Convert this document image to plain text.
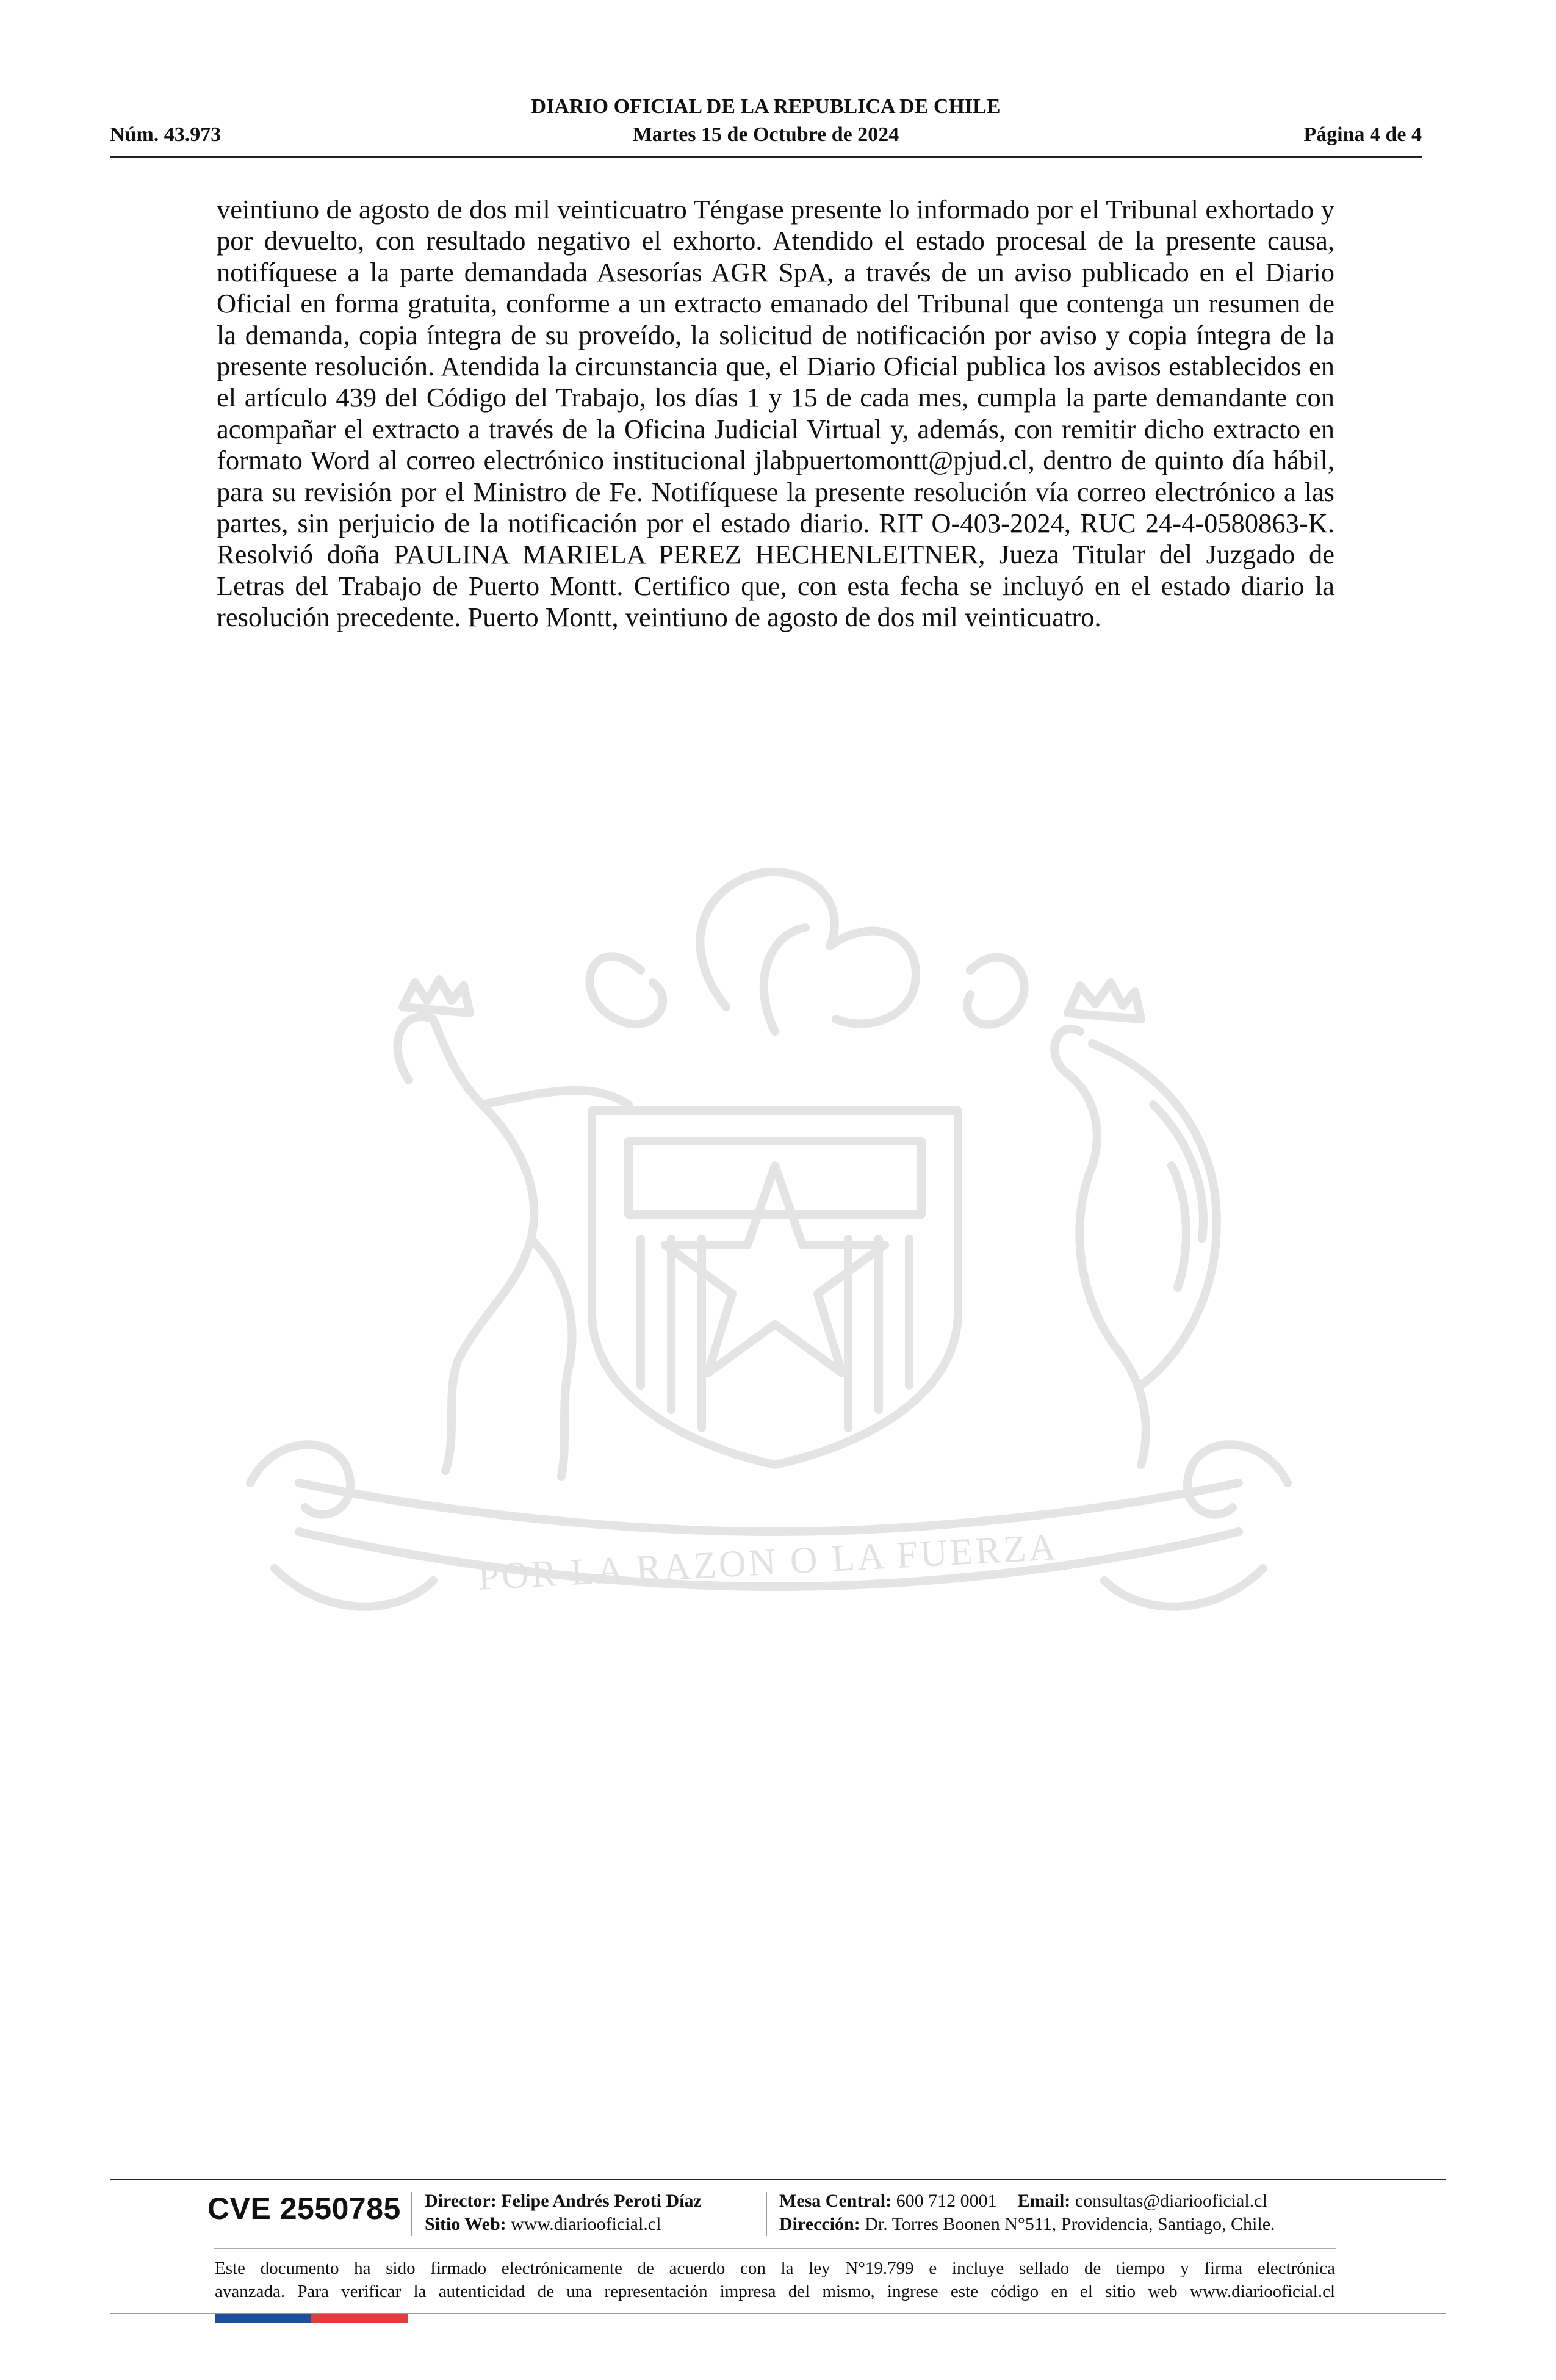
Núm. 43.973
DIARIO OFICIAL DE LA REPUBLICA DE CHILE
Martes 15 de Octubre de 2024	Página 4 de 4
veintiuno de agosto de dos mil veinticuatro Téngase presente lo informado por el Tribunal exhortado y por devuelto, con resultado negativo el exhorto. Atendido el estado procesal de la presente causa, notifíquese a la parte demandada Asesorías AGR SpA, a través de un aviso publicado en el Diario Oficial en forma gratuita, conforme a un extracto emanado del Tribunal que contenga un resumen de la demanda, copia íntegra de su proveído, la solicitud de notificación por aviso y copia íntegra de la presente resolución. Atendida la circunstancia que, el Diario Oficial publica los avisos establecidos en el artículo 439 del Código del Trabajo, los días 1 y 15 de cada mes, cumpla la parte demandante con acompañar el extracto a través de la Oficina Judicial Virtual y, además, con remitir dicho extracto en formato Word al correo electrónico institucional jlabpuertomontt@pjud.cl, dentro de quinto día hábil, para su revisión por el Ministro de Fe. Notifíquese la presente resolución vía correo electrónico a las partes, sin perjuicio de la notificación por el estado diario. RIT O-403-2024, RUC 24-4-0580863-K. Resolvió doña PAULINA MARIELA PEREZ HECHENLEITNER, Jueza Titular del Juzgado de Letras del Trabajo de Puerto Montt. Certifico que, con esta fecha se incluyó en el estado diario la resolución precedente. Puerto Montt, veintiuno de agosto de dos mil veinticuatro.
POR LA RAZON O LA FUERZA
CVE 2550785 Director: Felipe Andrés Peroti Díaz
Sitio Web: www.diariooficial.cl
Mesa Central: 600 712 0001 Email: consultas@diariooficial.cl
Dirección: Dr. Torres Boonen N°511, Providencia, Santiago, Chile.
Este documento ha sido firmado electrónicamente de acuerdo con la ley N°19.799 e incluye sellado de tiempo y firma electrónica
avanzada. Para verificar la autenticidad de una representación impresa del mismo, ingrese este código en el sitio web www.diariooficial.cl
